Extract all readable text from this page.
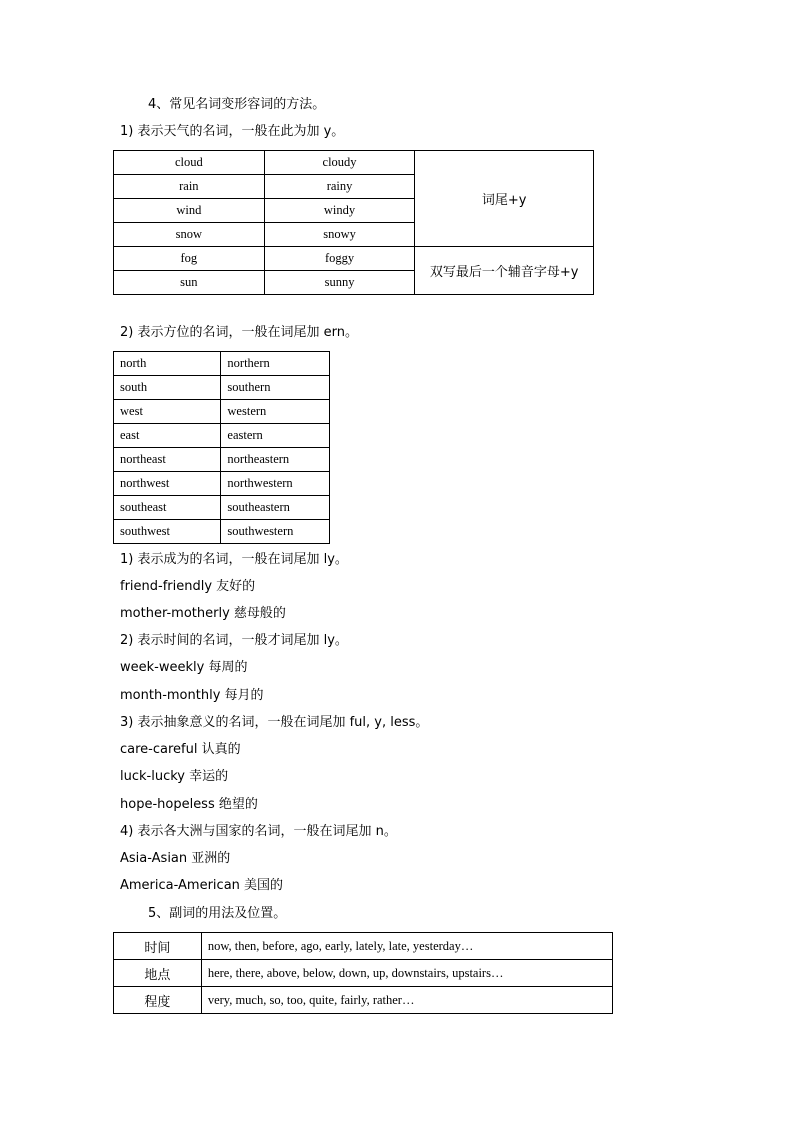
4、常见名词变形容词的方法。
1) 表示天气的名词，一般在此为加 y。
cloud	cloudy	词尾+y
rain	rainy	
wind	windy	
snow	snowy	
fog	foggy	双写最后一个辅音字母+y
sun	sunny	
2) 表示方位的名词，一般在词尾加 ern。
north	northern
south	southern
west	western
east	eastern
northeast	northeastern
northwest	northwestern
southeast	southeastern
southwest	southwestern
1) 表示成为的名词，一般在词尾加 ly。
friend-friendly 友好的
mother-motherly 慈母般的
2) 表示时间的名词，一般才词尾加 ly。
week-weekly 每周的
month-monthly 每月的
3) 表示抽象意义的名词，一般在词尾加 ful, y, less。
care-careful 认真的
luck-lucky 幸运的
hope-hopeless 绝望的
4) 表示各大洲与国家的名词，一般在词尾加 n。
Asia-Asian 亚洲的
America-American 美国的
5、副词的用法及位置。
时间	now, then, before, ago, early, lately, late, yesterday…
地点	here, there, above, below, down, up, downstairs, upstairs…
程度	very, much, so, too, quite, fairly, rather…
